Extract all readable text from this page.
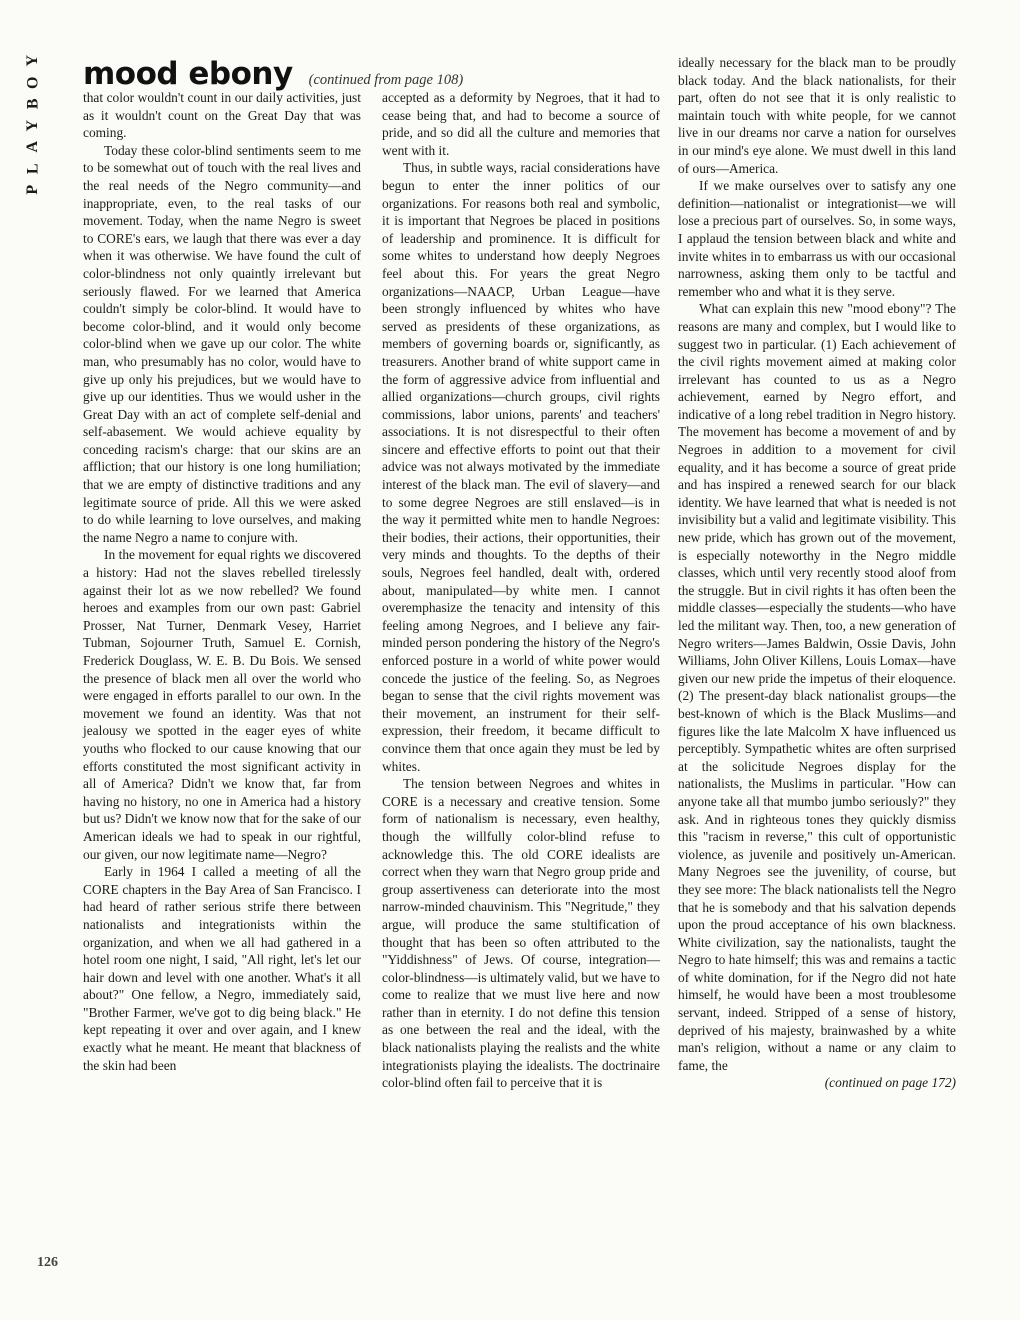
Y
O
B
Y
A
L
P
mood ebony (continued from page 108)

that color wouldn't count in our daily activities, just as it wouldn't count on the Great Day that was coming.

Today these color-blind sentiments seem to me to be somewhat out of touch with the real lives and the real needs of the Negro community—and inappropriate, even, to the real tasks of our movement. Today, when the name Negro is sweet to CORE's ears, we laugh that there was ever a day when it was otherwise. We have found the cult of color-blindness not only quaintly irrelevant but seriously flawed. For we learned that America couldn't simply be color-blind. It would have to become color-blind, and it would only become color-blind when we gave up our color. The white man, who presumably has no color, would have to give up only his prejudices, but we would have to give up our identities. Thus we would usher in the Great Day with an act of complete self-denial and self-abasement. We would achieve equality by conceding racism's charge: that our skins are an affliction; that our history is one long humiliation; that we are empty of distinctive traditions and any legitimate source of pride. All this we were asked to do while learning to love ourselves, and making the name Negro a name to conjure with.

In the movement for equal rights we discovered a history: Had not the slaves rebelled tirelessly against their lot as we now rebelled? We found heroes and examples from our own past: Gabriel Prosser, Nat Turner, Denmark Vesey, Harriet Tubman, Sojourner Truth, Samuel E. Cornish, Frederick Douglass, W. E. B. Du Bois. We sensed the presence of black men all over the world who were engaged in efforts parallel to our own. In the movement we found an identity. Was that not jealousy we spotted in the eager eyes of white youths who flocked to our cause knowing that our efforts constituted the most significant activity in all of America? Didn't we know that, far from having no history, no one in America had a history but us? Didn't we know now that for the sake of our American ideals we had to speak in our rightful, our given, our now legitimate name—Negro?

Early in 1964 I called a meeting of all the CORE chapters in the Bay Area of San Francisco. I had heard of rather serious strife there between nationalists and integrationists within the organization, and when we all had gathered in a hotel room one night, I said, "All right, let's let our hair down and level with one another. What's it all about?" One fellow, a Negro, immediately said, "Brother Farmer, we've got to dig being black." He kept repeating it over and over again, and I knew exactly what he meant. He meant that blackness of the skin had been

accepted as a deformity by Negroes, that it had to cease being that, and had to become a source of pride, and so did all the culture and memories that went with it.

Thus, in subtle ways, racial considerations have begun to enter the inner politics of our organizations. For reasons both real and symbolic, it is important that Negroes be placed in positions of leadership and prominence. It is difficult for some whites to understand how deeply Negroes feel about this. For years the great Negro organizations—NAACP, Urban League—have been strongly influenced by whites who have served as presidents of these organizations, as members of governing boards or, significantly, as treasurers. Another brand of white support came in the form of aggressive advice from influential and allied organizations—church groups, civil rights commissions, labor unions, parents' and teachers' associations. It is not disrespectful to their often sincere and effective efforts to point out that their advice was not always motivated by the immediate interest of the black man. The evil of slavery—and to some degree Negroes are still enslaved—is in the way it permitted white men to handle Negroes: their bodies, their actions, their opportunities, their very minds and thoughts. To the depths of their souls, Negroes feel handled, dealt with, ordered about, manipulated—by white men. I cannot overemphasize the tenacity and intensity of this feeling among Negroes, and I believe any fair-minded person pondering the history of the Negro's enforced posture in a world of white power would concede the justice of the feeling. So, as Negroes began to sense that the civil rights movement was their movement, an instrument for their self-expression, their freedom, it became difficult to convince them that once again they must be led by whites.

The tension between Negroes and whites in CORE is a necessary and creative tension. Some form of nationalism is necessary, even healthy, though the willfully color-blind refuse to acknowledge this. The old CORE idealists are correct when they warn that Negro group pride and group assertiveness can deteriorate into the most narrow-minded chauvinism. This "Negritude," they argue, will produce the same stultification of thought that has been so often attributed to the "Yiddishness" of Jews. Of course, integration—color-blindness—is ultimately valid, but we have to come to realize that we must live here and now rather than in eternity. I do not define this tension as one between the real and the ideal, with the black nationalists playing the realists and the white integrationists playing the idealists. The doctrinaire color-blind often fail to perceive that it is

ideally necessary for the black man to be proudly black today. And the black nationalists, for their part, often do not see that it is only realistic to maintain touch with white people, for we cannot live in our dreams nor carve a nation for ourselves in our mind's eye alone. We must dwell in this land of ours—America.

If we make ourselves over to satisfy any one definition—nationalist or integrationist—we will lose a precious part of ourselves. So, in some ways, I applaud the tension between black and white and invite whites in to embarrass us with our occasional narrowness, asking them only to be tactful and remember who and what it is they serve.

What can explain this new "mood ebony"? The reasons are many and complex, but I would like to suggest two in particular. (1) Each achievement of the civil rights movement aimed at making color irrelevant has counted to us as a Negro achievement, earned by Negro effort, and indicative of a long rebel tradition in Negro history. The movement has become a movement of and by Negroes in addition to a movement for civil equality, and it has become a source of great pride and has inspired a renewed search for our black identity. We have learned that what is needed is not invisibility but a valid and legitimate visibility. This new pride, which has grown out of the movement, is especially noteworthy in the Negro middle classes, which until very recently stood aloof from the struggle. But in civil rights it has often been the middle classes—especially the students—who have led the militant way. Then, too, a new generation of Negro writers—James Baldwin, Ossie Davis, John Williams, John Oliver Killens, Louis Lomax—have given our new pride the impetus of their eloquence. (2) The present-day black nationalist groups—the best-known of which is the Black Muslims—and figures like the late Malcolm X have influenced us perceptibly. Sympathetic whites are often surprised at the solicitude Negroes display for the nationalists, the Muslims in particular. "How can anyone take all that mumbo jumbo seriously?" they ask. And in righteous tones they quickly dismiss this "racism in reverse," this cult of opportunistic violence, as juvenile and positively un-American. Many Negroes see the juvenility, of course, but they see more: The black nationalists tell the Negro that he is somebody and that his salvation depends upon the proud acceptance of his own blackness. White civilization, say the nationalists, taught the Negro to hate himself; this was and remains a tactic of white domination, for if the Negro did not hate himself, he would have been a most troublesome servant, indeed. Stripped of a sense of history, deprived of his majesty, brainwashed by a white man's religion, without a name or any claim to fame, the

(continued on page 172)
126
